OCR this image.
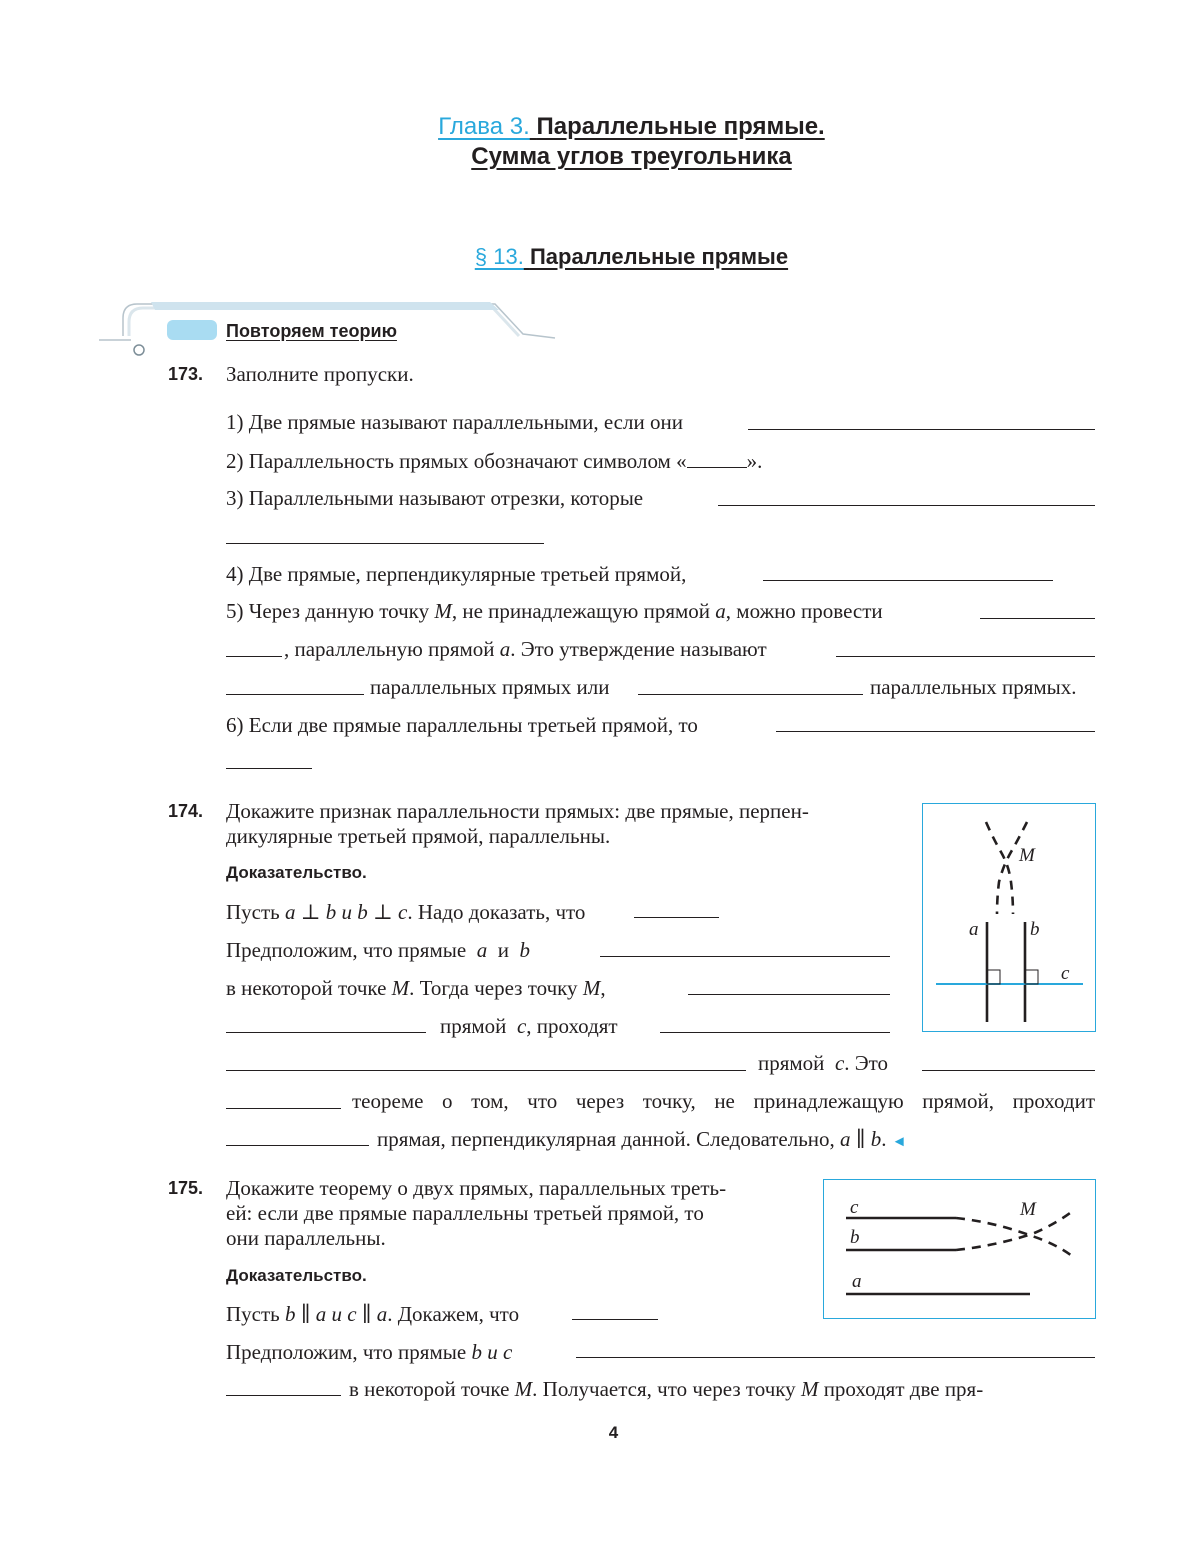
Глава 3. Параллельные прямые.
Сумма углов треугольника
§ 13. Параллельные прямые
Повторяем теорию
173. Заполните пропуски.
1) Две прямые называют параллельными, если они
2) Параллельность прямых обозначают символом «	».
3) Параллельными называют отрезки, которые
4) Две прямые, перпендикулярные третьей прямой,
5) Через данную точку M, не принадлежащую прямой a, можно провести
, параллельную прямой a. Это утверждение называют
параллельных прямых или	параллельных прямых.
6) Если две прямые параллельны третьей прямой, то
174. Докажите признак параллельности прямых: две прямые, перпен-
дикулярные третьей прямой, параллельны.
Доказательство.
Пусть a ⊥ b и b ⊥ c. Надо доказать, что
Предположим, что прямые a и b
в некоторой точке M. Тогда через точку M,
прямой c, проходят
прямой c. Это
теореме о том, что через точку, не принадлежащую прямой, проходит
прямая, перпендикулярная данной. Следовательно, a ∥ b. ◄
M
a	b
c
175. Докажите теорему о двух прямых, параллельных треть-
ей: если две прямые параллельны третьей прямой, то
они параллельны.
Доказательство.
Пусть b ∥ a и c ∥ a. Докажем, что
Предположим, что прямые b и c
в некоторой точке M. Получается, что через точку M проходят две пря-
c
b
a
M
4
